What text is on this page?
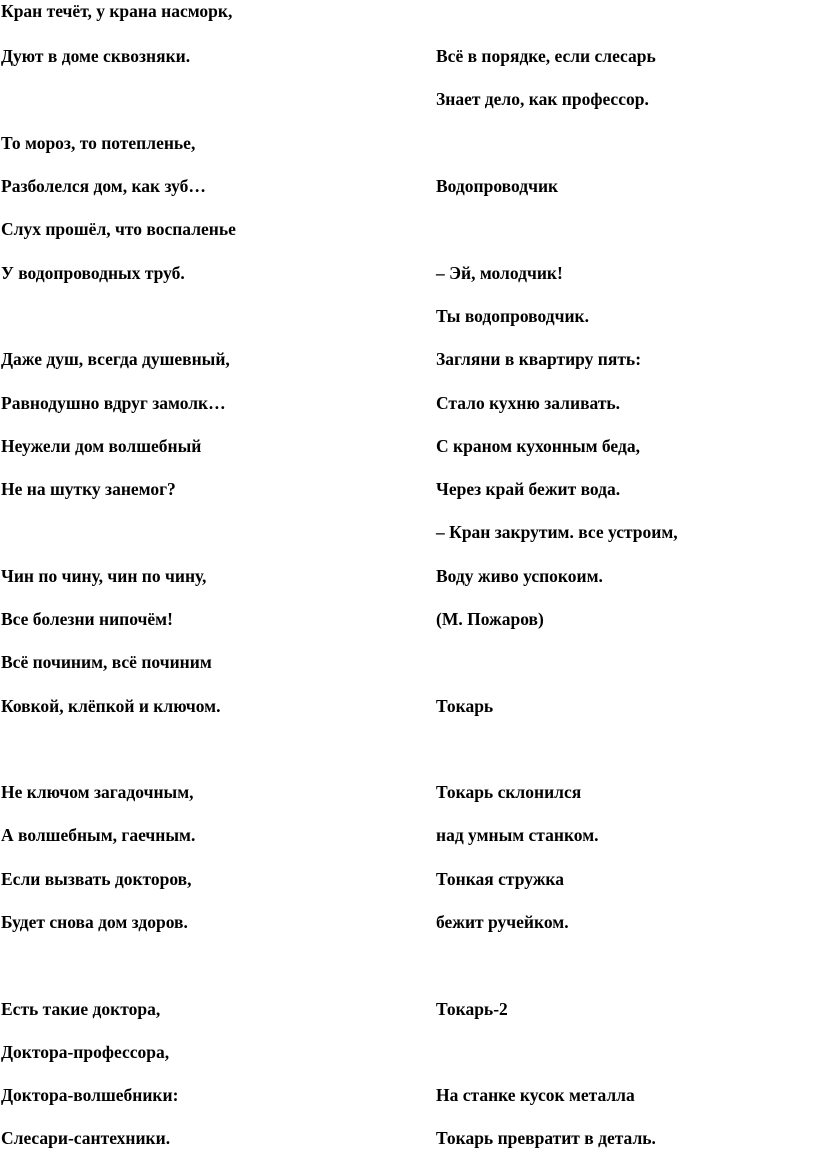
Кран течёт, у крана насморк,
Дуют в доме сквозняки.
То мороз, то потепленье,
Разболелся дом, как зуб…
Слух прошёл, что воспаленье
У водопроводных труб.
Даже душ, всегда душевный,
Равнодушно вдруг замолк…
Неужели дом волшебный
Не на шутку занемог?
Чин по чину, чин по чину,
Все болезни нипочём!
Всё починим, всё починим
Ковкой, клёпкой и ключом.
Не ключом загадочным,
А волшебным, гаечным.
Если вызвать докторов,
Будет снова дом здоров.
Есть такие доктора,
Доктора-профессора,
Доктора-волшебники:
Слесари-сантехники.
Всё в порядке, если слесарь
Знает дело, как профессор.
Водопроводчик
– Эй, молодчик!
Ты водопроводчик.
Загляни в квартиру пять:
Стало кухню заливать.
С краном кухонным беда,
Через край бежит вода.
– Кран закрутим. все устроим,
Воду живо успокоим.
(М. Пожаров)
Токарь
Токарь склонился
над умным станком.
Тонкая стружка
бежит ручейком.
Токарь-2
На станке кусок металла
Токарь превратит в деталь.
